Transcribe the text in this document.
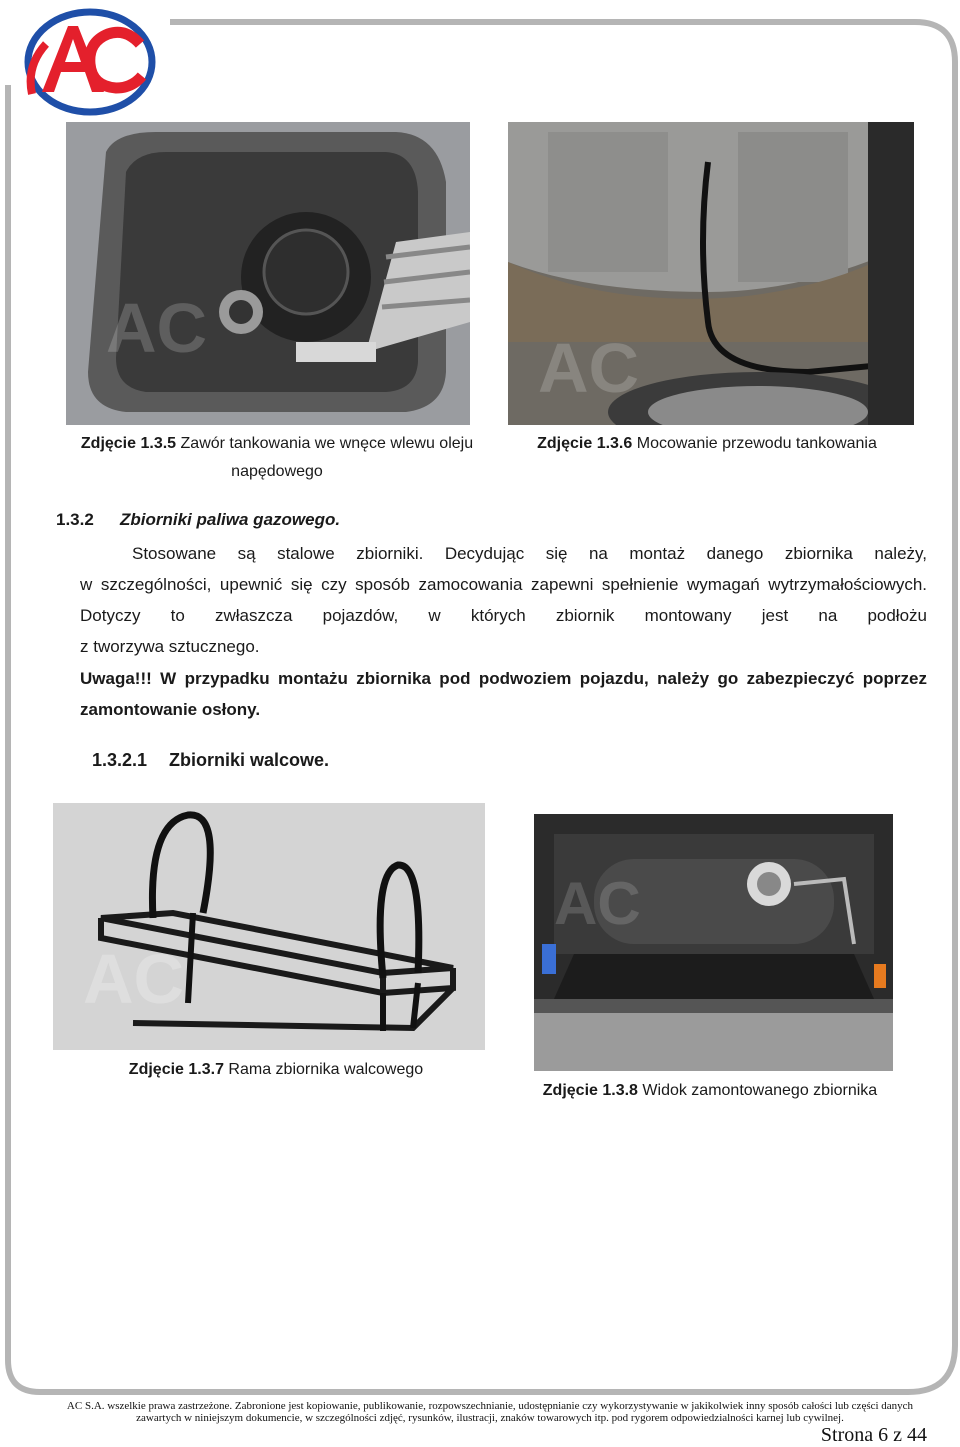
AC
AC
Zdjęcie 1.3.5 Zawór tankowania we wnęce wlewu oleju
napędowego
Zdjęcie 1.3.6 Mocowanie przewodu tankowania
1.3.2 Zbiorniki paliwa gazowego.
Stosowane są stalowe zbiorniki. Decydując się na montaż danego zbiornika należy,
w szczególności, upewnić się czy sposób zamocowania zapewni spełnienie wymagań wytrzymałościowych.
Dotyczy to zwłaszcza pojazdów, w których zbiornik montowany jest na podłożu
z tworzywa sztucznego.
Uwaga!!! W przypadku montażu zbiornika pod podwoziem pojazdu, należy go zabezpieczyć poprzez
zamontowanie osłony.
1.3.2.1 Zbiorniki walcowe.
AC
AC
Zdjęcie 1.3.7 Rama zbiornika walcowego
Zdjęcie 1.3.8 Widok zamontowanego zbiornika
AC S.A. wszelkie prawa zastrzeżone. Zabronione jest kopiowanie, publikowanie, rozpowszechnianie, udostępnianie czy wykorzystywanie w jakikolwiek inny sposób całości lub części danych
zawartych w niniejszym dokumencie, w szczególności zdjęć, rysunków, ilustracji, znaków towarowych itp. pod rygorem odpowiedzialności karnej lub cywilnej.
Strona 6 z 44
